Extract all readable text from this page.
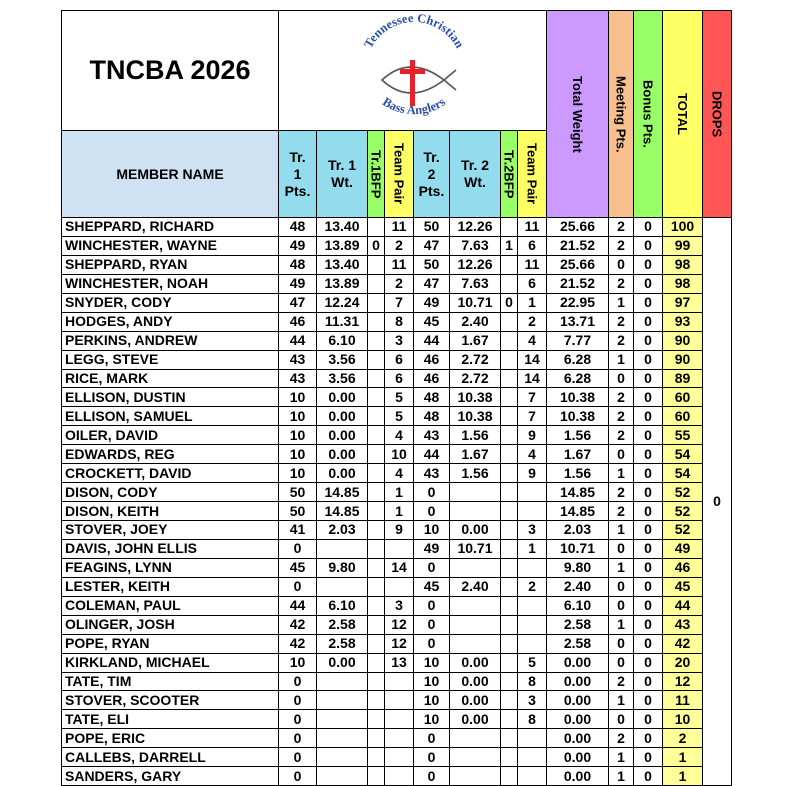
TNCBA 2026	Tennessee Christian
Bass Anglers								Total Weight	Meeting Pts.	Bonus Pts.	TOTAL	DROPS
MEMBER NAME	Tr.
1
Pts.	Tr. 1
Wt.	Tr.1BFP	Team Pair	Tr.
2
Pts.	Tr. 2
Wt.	Tr.2BFP	Team Pair					
SHEPPARD, RICHARD	48	13.40		11	50	12.26		11	25.66	2	0	100	0
WINCHESTER, WAYNE	49	13.89	0	2	47	7.63	1	6	21.52	2	0	99	
SHEPPARD, RYAN	48	13.40		11	50	12.26		11	25.66	0	0	98	
WINCHESTER, NOAH	49	13.89		2	47	7.63		6	21.52	2	0	98	
SNYDER, CODY	47	12.24		7	49	10.71	0	1	22.95	1	0	97	
HODGES, ANDY	46	11.31		8	45	2.40		2	13.71	2	0	93	
PERKINS, ANDREW	44	6.10		3	44	1.67		4	7.77	2	0	90	
LEGG, STEVE	43	3.56		6	46	2.72		14	6.28	1	0	90	
RICE, MARK	43	3.56		6	46	2.72		14	6.28	0	0	89	
ELLISON, DUSTIN	10	0.00		5	48	10.38		7	10.38	2	0	60	
ELLISON, SAMUEL	10	0.00		5	48	10.38		7	10.38	2	0	60	
OILER, DAVID	10	0.00		4	43	1.56		9	1.56	2	0	55	
EDWARDS, REG	10	0.00		10	44	1.67		4	1.67	0	0	54	
CROCKETT, DAVID	10	0.00		4	43	1.56		9	1.56	1	0	54	
DISON, CODY	50	14.85		1	0				14.85	2	0	52	
DISON, KEITH	50	14.85		1	0				14.85	2	0	52	
STOVER, JOEY	41	2.03		9	10	0.00		3	2.03	1	0	52	
DAVIS, JOHN ELLIS	0				49	10.71		1	10.71	0	0	49	
FEAGINS, LYNN	45	9.80		14	0				9.80	1	0	46	
LESTER, KEITH	0				45	2.40		2	2.40	0	0	45	
COLEMAN, PAUL	44	6.10		3	0				6.10	0	0	44	
OLINGER, JOSH	42	2.58		12	0				2.58	1	0	43	
POPE, RYAN	42	2.58		12	0				2.58	0	0	42	
KIRKLAND, MICHAEL	10	0.00		13	10	0.00		5	0.00	0	0	20	
TATE, TIM	0				10	0.00		8	0.00	2	0	12	
STOVER, SCOOTER	0				10	0.00		3	0.00	1	0	11	
TATE, ELI	0				10	0.00		8	0.00	0	0	10	
POPE, ERIC	0				0				0.00	2	0	2	
CALLEBS, DARRELL	0				0				0.00	1	0	1	
SANDERS, GARY	0				0				0.00	1	0	1	
